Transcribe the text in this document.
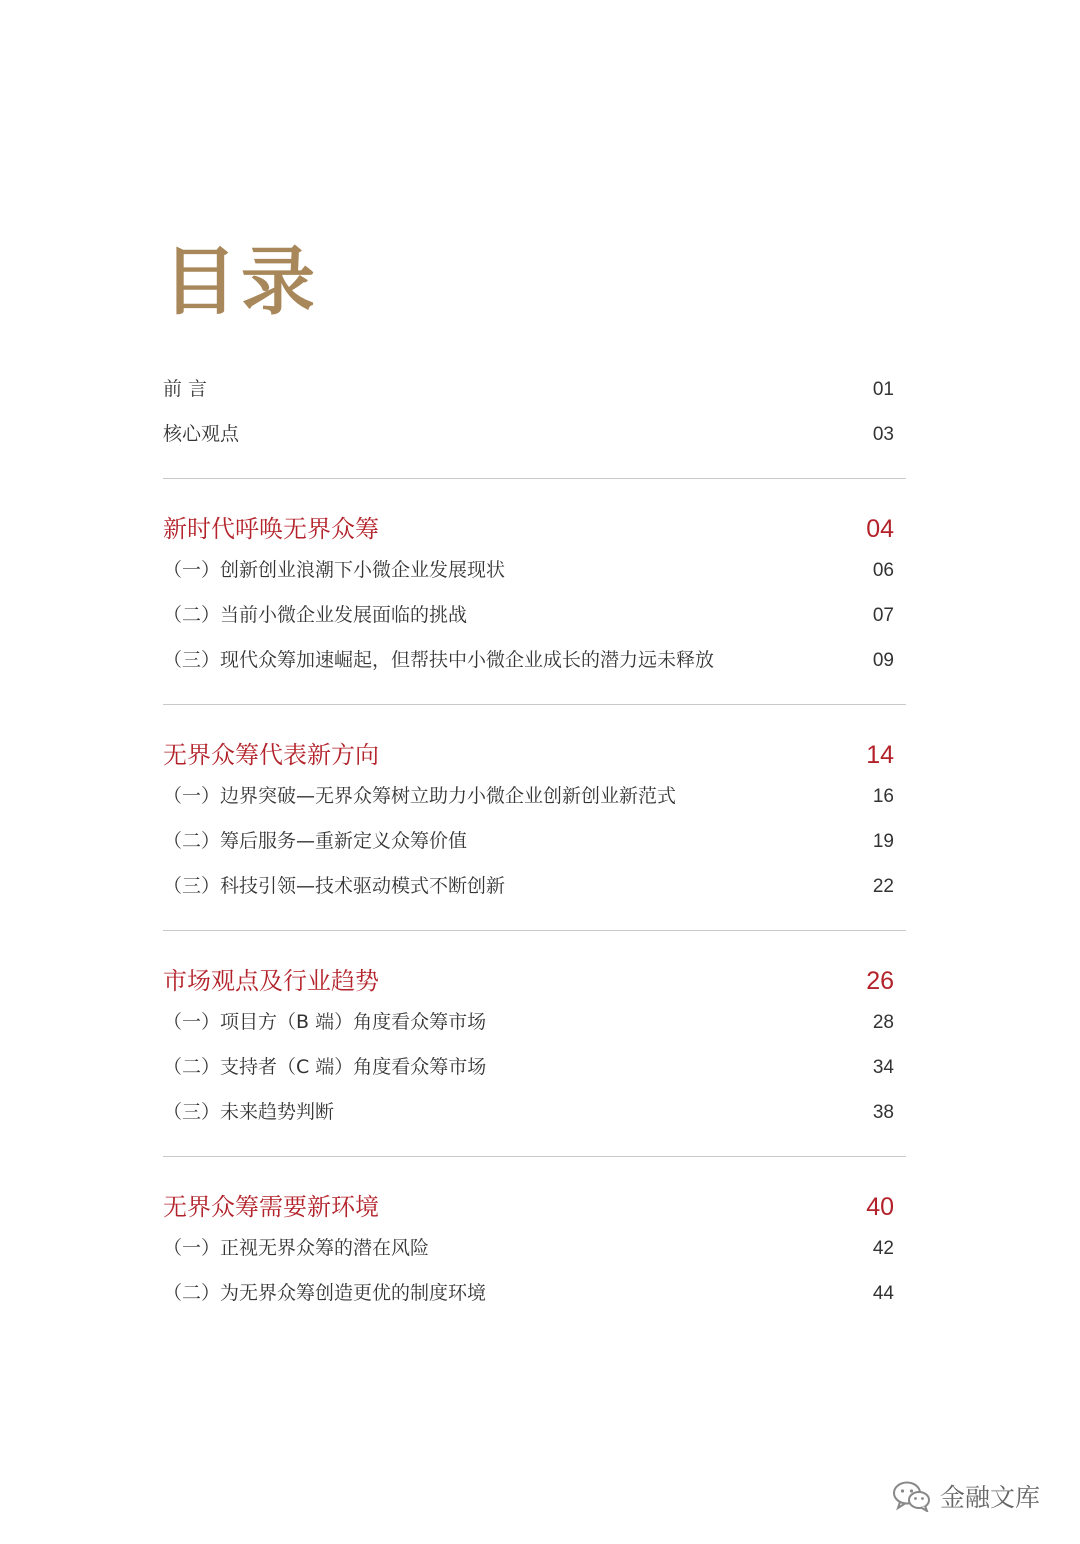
目录
前 言	01
核心观点	03
新时代呼唤无界众筹	04
（一）创新创业浪潮下小微企业发展现状	06
（二）当前小微企业发展面临的挑战	07
（三）现代众筹加速崛起，但帮扶中小微企业成长的潜力远未释放	09
无界众筹代表新方向	14
（一）边界突破—无界众筹树立助力小微企业创新创业新范式	16
（二）筹后服务—重新定义众筹价值	19
（三）科技引领—技术驱动模式不断创新	22
市场观点及行业趋势	26
（一）项目方（B 端）角度看众筹市场	28
（二）支持者（C 端）角度看众筹市场	34
（三）未来趋势判断	38
无界众筹需要新环境	40
（一）正视无界众筹的潜在风险	42
（二）为无界众筹创造更优的制度环境	44
金融文库
